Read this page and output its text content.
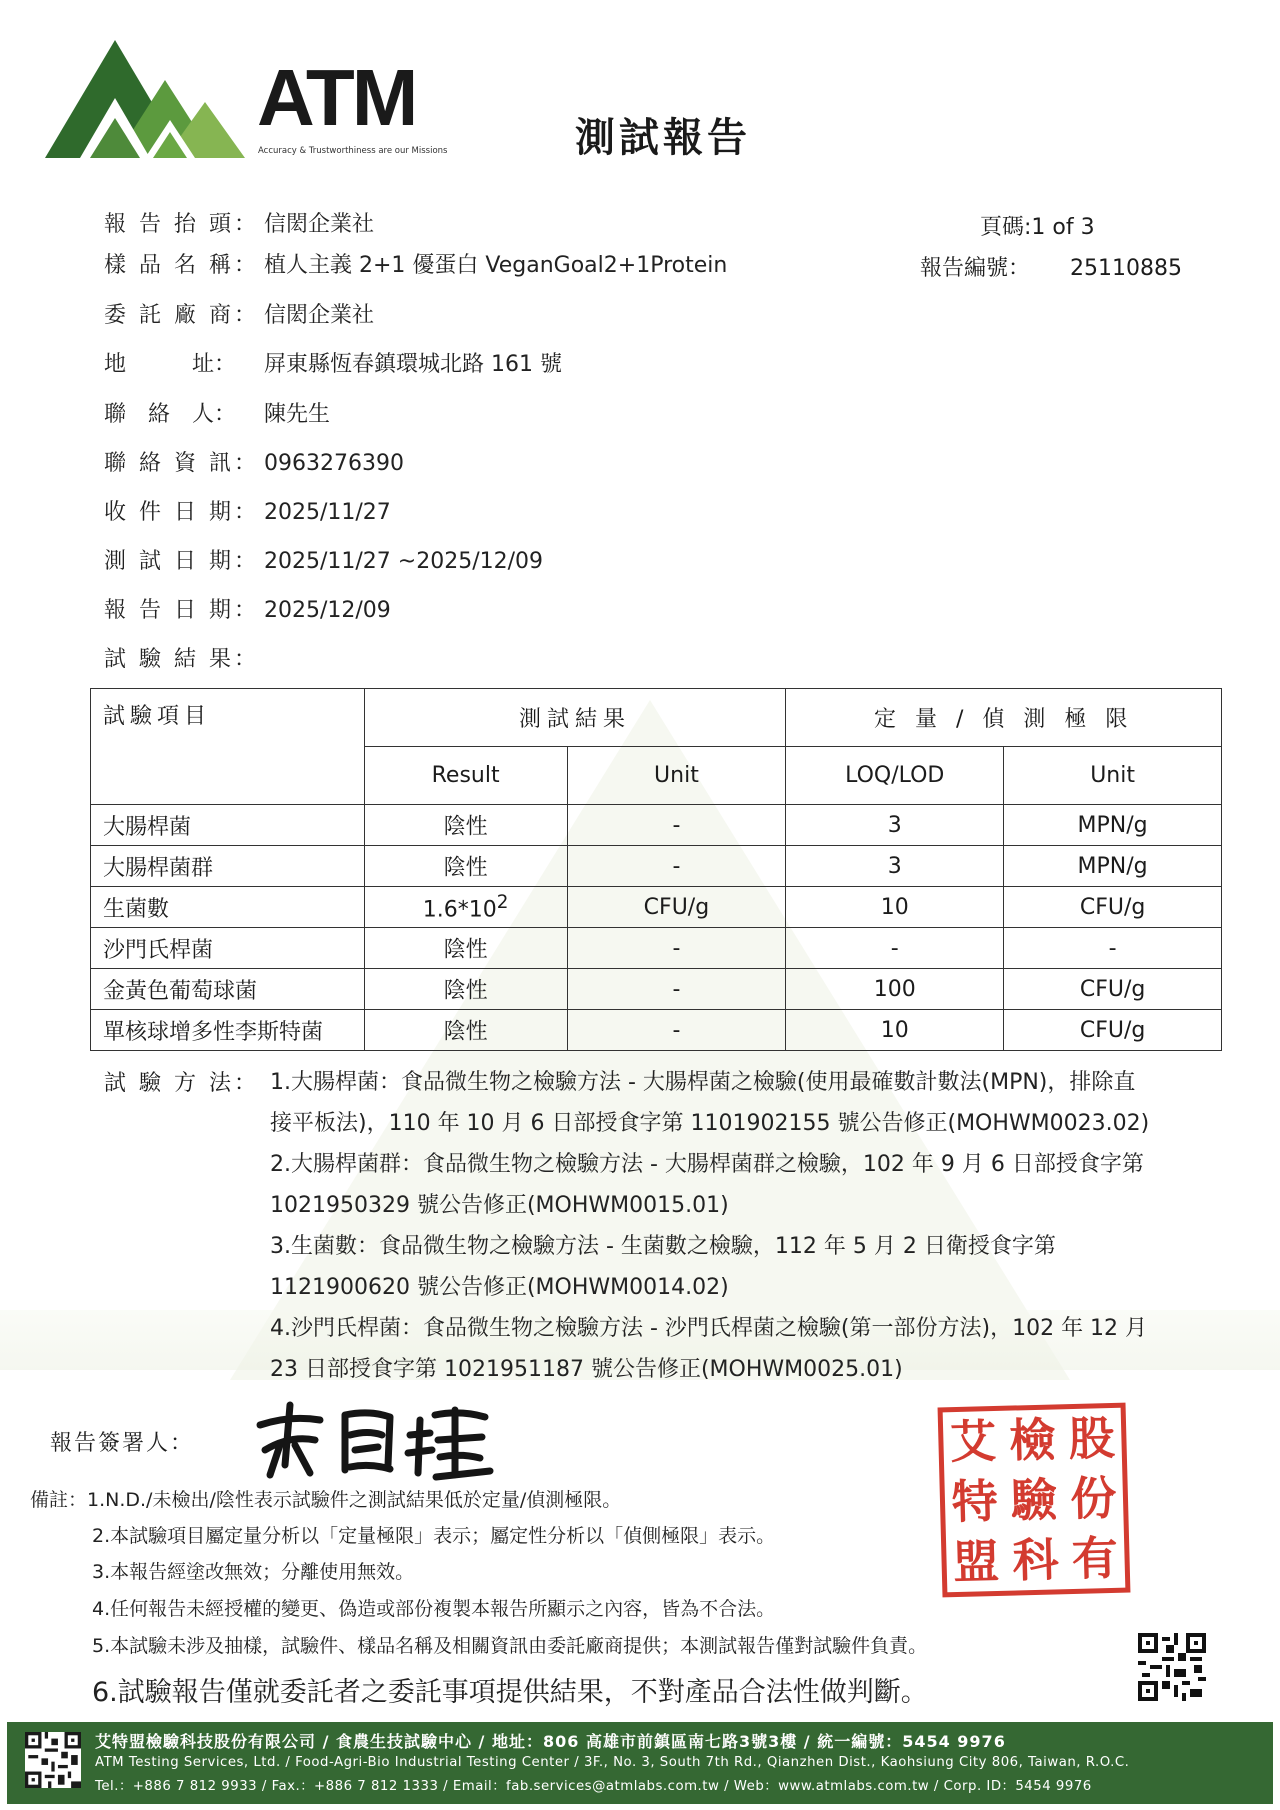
ATM
Accuracy & Trustworthiness are our Missions	測試報告
頁碼:1 of 3
報告編號： 25110885
報 告 抬 頭： 信閎企業社
樣 品 名 稱： 植人主義 2+1 優蛋白 VeganGoal2+1Protein
委 託 廠 商： 信閎企業社
地　　　址： 屏東縣恆春鎮環城北路 161 號
聯　絡　人： 陳先生
聯 絡 資 訊： 0963276390
收 件 日 期： 2025/11/27
測 試 日 期： 2025/11/27 ~2025/12/09
報 告 日 期： 2025/12/09
試 驗 結 果：
試驗項目	測試結果		定 量 / 偵 測 極 限	
	Result	Unit	LOQ/LOD	Unit
大腸桿菌	陰性	-	3	MPN/g
大腸桿菌群	陰性	-	3	MPN/g
生菌數	$1.6*10^2$	CFU/g	10	CFU/g
沙門氏桿菌	陰性	-	-	-
金黃色葡萄球菌	陰性	-	100	CFU/g
單核球增多性李斯特菌	陰性	-	10	CFU/g
試 驗 方 法： 1.大腸桿菌：食品微生物之檢驗方法 - 大腸桿菌之檢驗(使用最確數計數法(MPN)，排除直
接平板法)，110 年 10 月 6 日部授食字第 1101902155 號公告修正(MOHWM0023.02)
2.大腸桿菌群：食品微生物之檢驗方法 - 大腸桿菌群之檢驗，102 年 9 月 6 日部授食字第
1021950329 號公告修正(MOHWM0015.01)
3.生菌數：食品微生物之檢驗方法 - 生菌數之檢驗，112 年 5 月 2 日衛授食字第
1121900620 號公告修正(MOHWM0014.02)
4.沙門氏桿菌：食品微生物之檢驗方法 - 沙門氏桿菌之檢驗(第一部份方法)，102 年 12 月
23 日部授食字第 1021951187 號公告修正(MOHWM0025.01)
報告簽署人：	艾 檢 股
特 驗 份
盟 科 有
備註：1.N.D./未檢出/陰性表示試驗件之測試結果低於定量/偵測極限。
2.本試驗項目屬定量分析以「定量極限」表示；屬定性分析以「偵側極限」表示。
3.本報告經塗改無效；分離使用無效。
4.任何報告未經授權的變更、偽造或部份複製本報告所顯示之內容，皆為不合法。
5.本試驗未涉及抽樣，試驗件、樣品名稱及相關資訊由委託廠商提供；本測試報告僅對試驗件負責。
6.試驗報告僅就委託者之委託事項提供結果，不對產品合法性做判斷。
艾特盟檢驗科技股份有限公司 / 食農生技試驗中心 / 地址：806 高雄市前鎮區南七路3號3樓 / 統一編號：5454 9976
ATM Testing Services, Ltd. / Food-Agri-Bio Industrial Testing Center / 3F., No. 3, South 7th Rd., Qianzhen Dist., Kaohsiung City 806, Taiwan, R.O.C.
Tel.：+886 7 812 9933 / Fax.：+886 7 812 1333 / Email：fab.services@atmlabs.com.tw / Web：www.atmlabs.com.tw / Corp. ID：5454 9976
